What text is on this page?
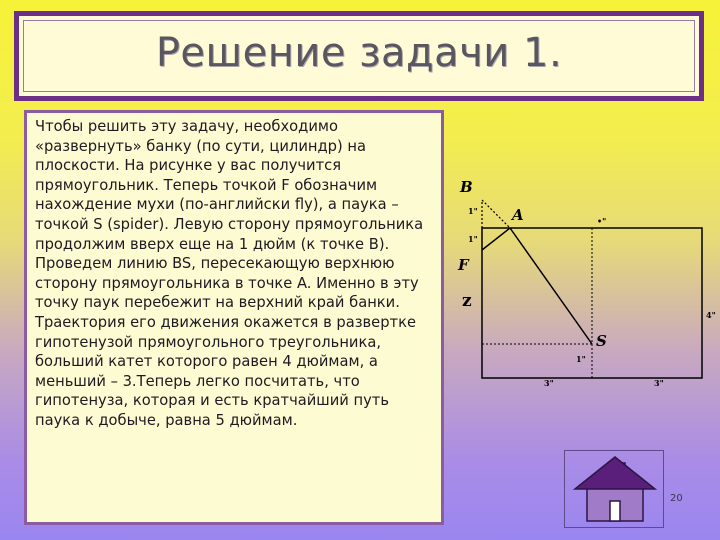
Решение задачи 1.

Чтобы решить эту задачу, необходимо «развернуть» банку (по сути, цилиндр) на плоскости. На рисунке у вас получится прямоугольник. Теперь точкой F обозначим нахождение мухи (по-английски fly), а паука – точкой S (spider). Левую сторону прямоугольника продолжим вверх еще на 1 дюйм (к точке B). Проведем линию BS, пересекающую верхнюю сторону прямоугольника в точке A. Именно в эту точку паук перебежит на верхний край банки. Траектория его движения окажется в развертке гипотенузой прямоугольного треугольника, больший катет которого равен 4 дюймам, а меньший – 3.Теперь легко посчитать, что гипотенуза, которая и есть кратчайший путь паука к добыче, равна 5 дюймам.

B
A
F
z
S
1"
1"
1"
4"
3"	3"
•"
20
